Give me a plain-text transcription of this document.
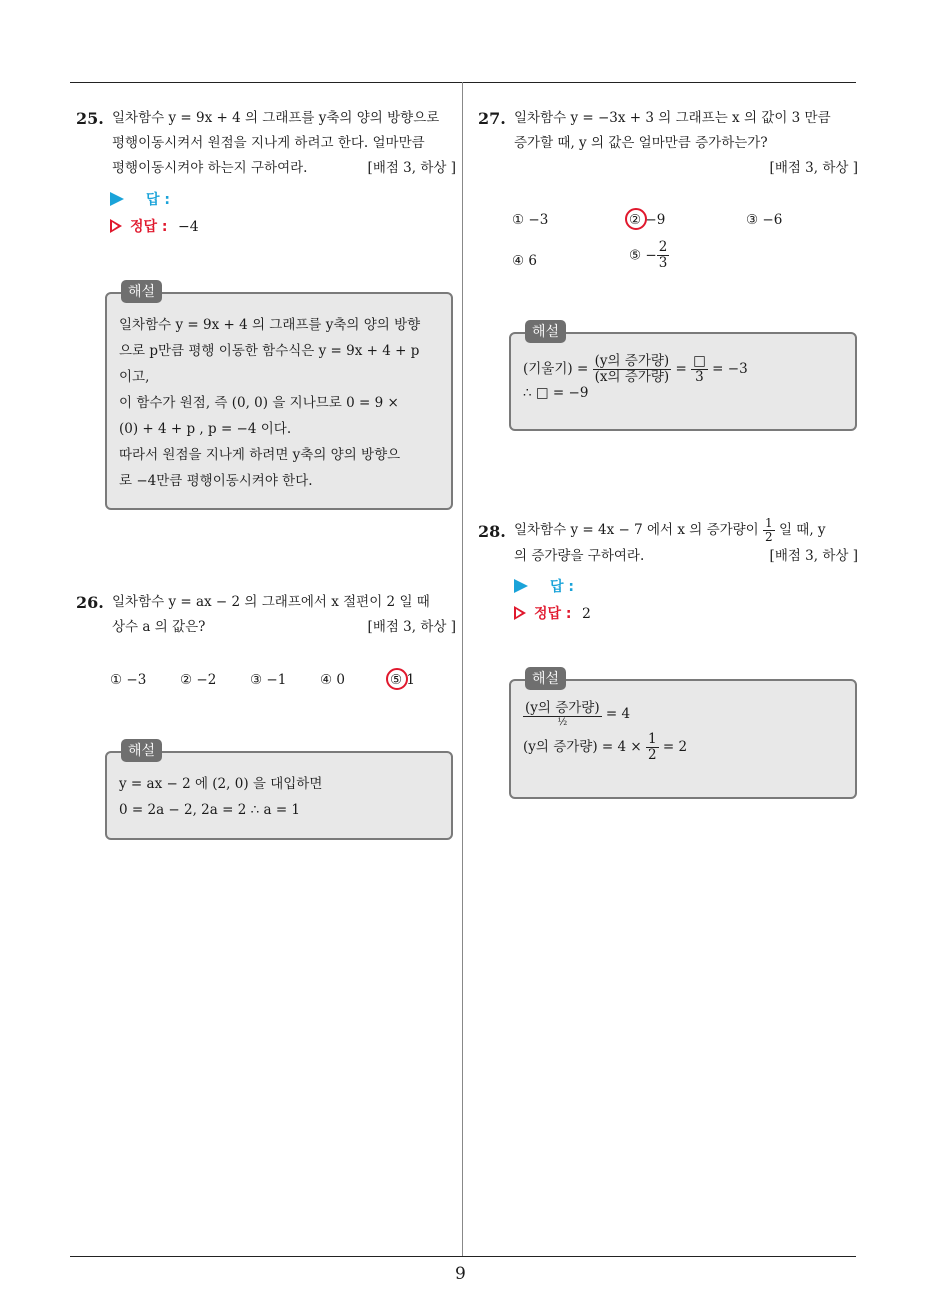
9
25. 일차함수 y = 9x + 4 의 그래프를 y축의 양의 방향으로
평행이동시켜서 원점을 지나게 하려고 한다. 얼마만큼
평행이동시켜야 하는지 구하여라.	[배점 3, 하상 ]
답 :
정답 : −4
해설
일차함수 y = 9x + 4 의 그래프를 y축의 양의 방향
으로 p만큼 평행 이동한 함수식은 y = 9x + 4 + p
이고,
이 함수가 원점, 즉 (0, 0) 을 지나므로 0 = 9 ×
(0) + 4 + p , p = −4 이다.
따라서 원점을 지나게 하려면 y축의 양의 방향으
로 −4만큼 평행이동시켜야 한다.
26. 일차함수 y = ax − 2 의 그래프에서 x 절편이 2 일 때
상수 a 의 값은?	[배점 3, 하상 ]
① −3 ② −2 ③ −1 ④ 0	⑤ 1
해설
y = ax − 2 에 (2, 0) 을 대입하면
0 = 2a − 2, 2a = 2 ∴ a = 1
27. 일차함수 y = −3x + 3 의 그래프는 x 의 값이 3 만큼
증가할 때, y 의 값은 얼마만큼 증가하는가?
[배점 3, 하상 ]

① −3	② −9	③ −6
④ 6	⑤ − $\frac{2}{3}$
해설
(기울기) = $\frac{\text{(y의 증가량)}}{\text{(x의 증가량)}} = \frac{□}{3} = -3$
∴ □ = −9
28. 일차함수 y = 4x − 7 에서 x 의 증가량이 $\frac{1}{2}$ 일 때, y
의 증가량을 구하여라.	[배점 3, 하상 ]
답 :
정답 : 2
해설
$\frac{\text{(y의 증가량)}}{\text{½}} = 4$
(y의 증가량) = $4 \times \frac{1}{2} = 2$
